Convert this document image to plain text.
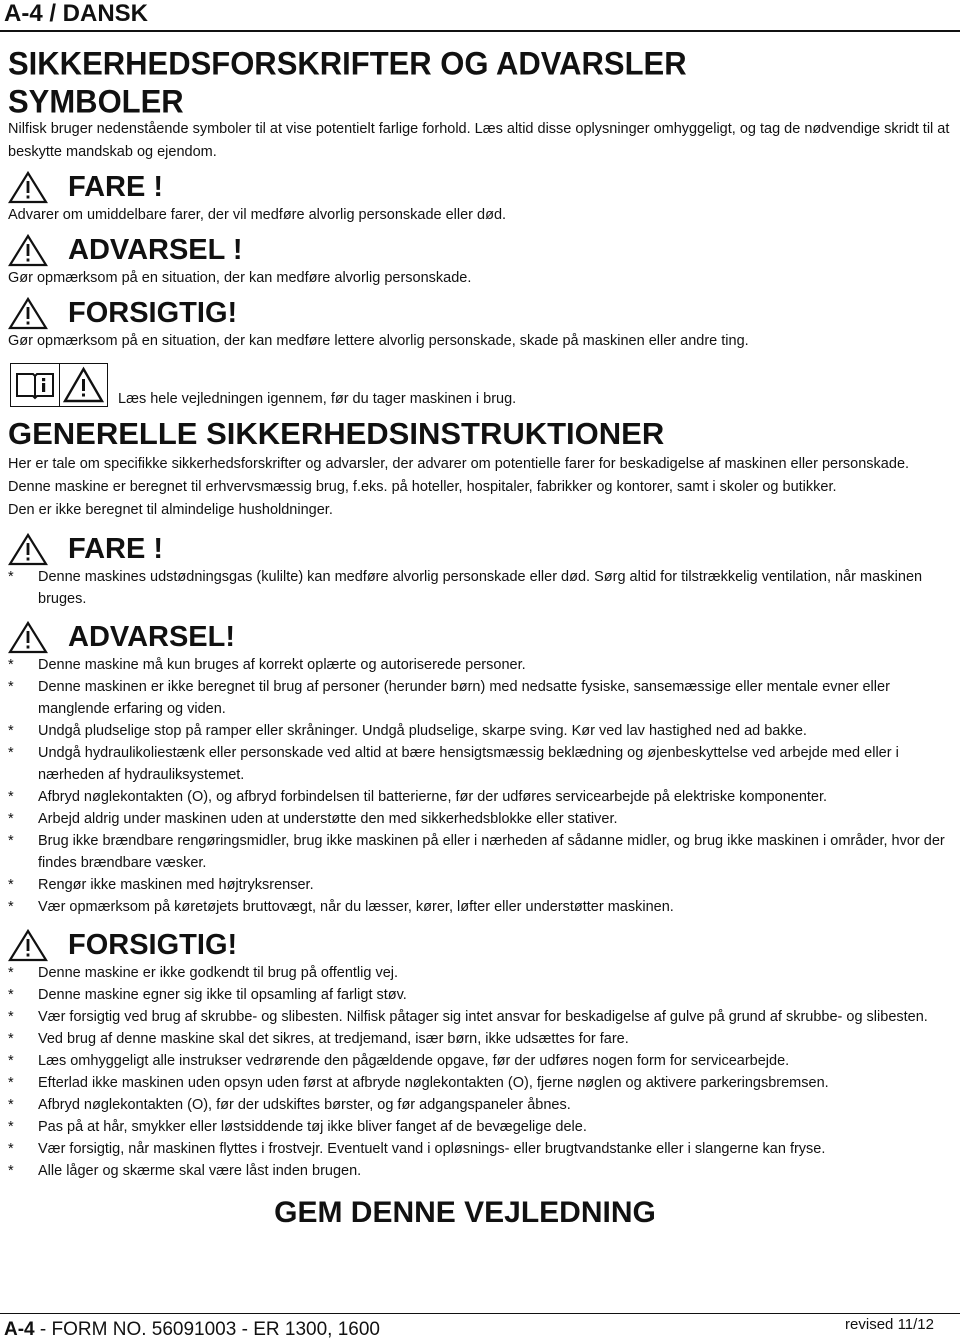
A-4 / DANSK
SIKKERHEDSFORSKRIFTER OG ADVARSLER
SYMBOLER

Nilfisk bruger nedenstående symboler til at vise potentielt farlige forhold. Læs altid disse oplysninger omhyggeligt, og tag de nødvendige skridt til at beskytte mandskab og ejendom.

FARE !

Advarer om umiddelbare farer, der vil medføre alvorlig personskade eller død.

ADVARSEL !

Gør opmærksom på en situation, der kan medføre alvorlig personskade.

FORSIGTIG!

Gør opmærksom på en situation, der kan medføre lettere alvorlig personskade, skade på maskinen eller andre ting.

Læs hele vejledningen igennem, før du tager maskinen i brug.
GENERELLE SIKKERHEDSINSTRUKTIONER

Her er tale om specifikke sikkerhedsforskrifter og advarsler, der advarer om potentielle farer for beskadigelse af maskinen eller personskade.

Denne maskine er beregnet til erhvervsmæssig brug, f.eks. på hoteller, hospitaler, fabrikker og kontorer, samt i skoler og butikker.

Den er ikke beregnet til almindelige husholdninger.

FARE !
* Denne maskines udstødningsgas (kulilte) kan medføre alvorlig personskade eller død. Sørg altid for tilstrækkelig ventilation, når maskinen bruges.
ADVARSEL!
* Denne maskine må kun bruges af korrekt oplærte og autoriserede personer.
* Denne maskinen er ikke beregnet til brug af personer (herunder børn) med nedsatte fysiske, sansemæssige eller mentale evner eller manglende erfaring og viden.
* Undgå pludselige stop på ramper eller skråninger. Undgå pludselige, skarpe sving. Kør ved lav hastighed ned ad bakke.
* Undgå hydraulikoliestænk eller personskade ved altid at bære hensigtsmæssig beklædning og øjenbeskyttelse ved arbejde med eller i nærheden af hydrauliksystemet.
* Afbryd nøglekontakten (O), og afbryd forbindelsen til batterierne, før der udføres servicearbejde på elektriske komponenter.
* Arbejd aldrig under maskinen uden at understøtte den med sikkerhedsblokke eller stativer.
* Brug ikke brændbare rengøringsmidler, brug ikke maskinen på eller i nærheden af sådanne midler, og brug ikke maskinen i områder, hvor der findes brændbare væsker.
* Rengør ikke maskinen med højtryksrenser.
* Vær opmærksom på køretøjets bruttovægt, når du læsser, kører, løfter eller understøtter maskinen.
FORSIGTIG!
* Denne maskine er ikke godkendt til brug på offentlig vej.
* Denne maskine egner sig ikke til opsamling af farligt støv.
* Vær forsigtig ved brug af skrubbe- og slibesten. Nilfisk påtager sig intet ansvar for beskadigelse af gulve på grund af skrubbe- og slibesten.
* Ved brug af denne maskine skal det sikres, at tredjemand, især børn, ikke udsættes for fare.
* Læs omhyggeligt alle instrukser vedrørende den pågældende opgave, før der udføres nogen form for servicearbejde.
* Efterlad ikke maskinen uden opsyn uden først at afbryde nøglekontakten (O), fjerne nøglen og aktivere parkeringsbremsen.
* Afbryd nøglekontakten (O), før der udskiftes børster, og før adgangspaneler åbnes.
* Pas på at hår, smykker eller løstsiddende tøj ikke bliver fanget af de bevægelige dele.
* Vær forsigtig, når maskinen flyttes i frostvejr. Eventuelt vand i opløsnings- eller brugtvandstanke eller i slangerne kan fryse.
* Alle låger og skærme skal være låst inden brugen.
GEM DENNE VEJLEDNING
A-4 - FORM NO. 56091003 - ER 1300, 1600	revised 11/12
